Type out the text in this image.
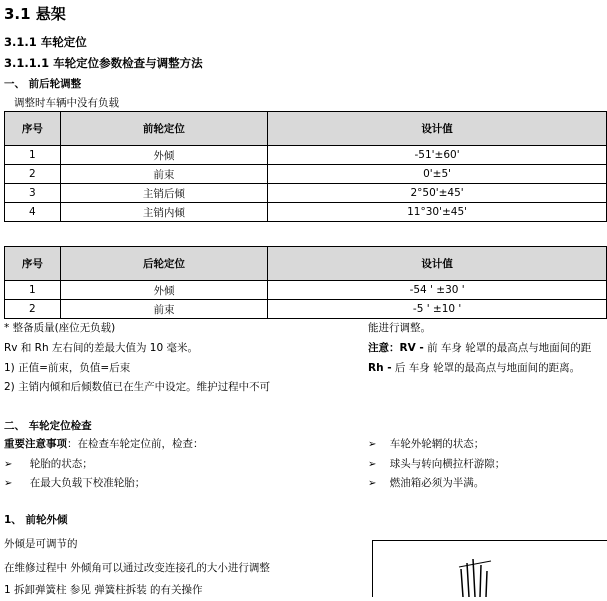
3.1 悬架
3.1.1 车轮定位
3.1.1.1 车轮定位参数检查与调整方法
一、 前后轮调整
调整时车辆中没有负载
序号	前轮定位	设计值
1	外倾	-51'±60'
2	前束	0'±5'
3	主销后倾	2°50'±45'
4	主销内倾	11°30'±45'
序号	后轮定位	设计值
1	外倾	-54 ' ±30 '
2	前束	-5 ' ±10 '
* 整备质量(座位无负载)
Rv 和 Rh 左右间的差最大值为 10 毫米。
1) 正值=前束，负值=后束
2) 主销内倾和后倾数值已在生产中设定。维护过程中不可
能进行调整。
注意：RV - 前 车身 轮罩的最高点与地面间的距
Rh - 后 车身 轮罩的最高点与地面间的距离。
二、 车轮定位检查
重要注意事项：在检查车轮定位前，检查：
➢ 轮胎的状态；
➢ 在最大负载下校准轮胎；
➢ 车轮外轮辋的状态；
➢ 球头与转向横拉杆游隙；
➢ 燃油箱必须为半满。
1、 前轮外倾
外倾是可调节的
在维修过程中 外倾角可以通过改变连接孔的大小进行调整
1 拆卸弹簧柱 参见 弹簧柱拆装 的有关操作
